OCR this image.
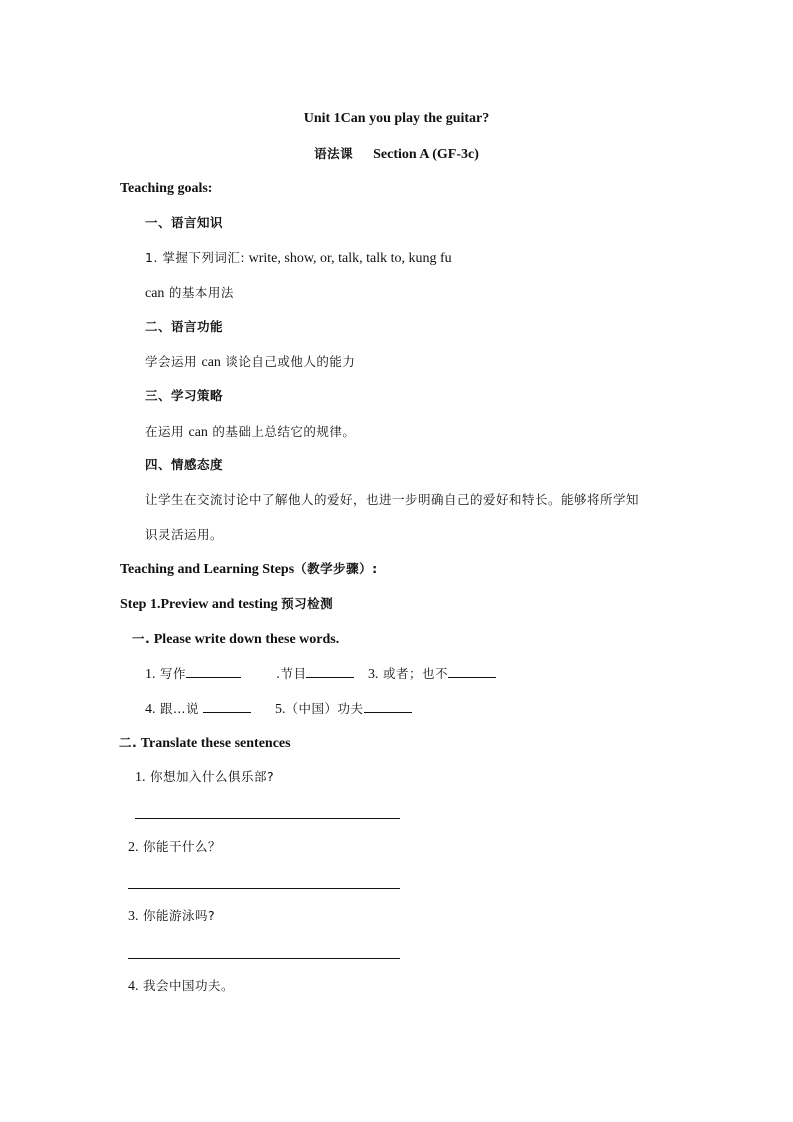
Unit 1Can you play the guitar?
语法课 Section A (GF-3c)
Teaching goals:
一、语言知识
1. 掌握下列词汇: write, show, or, talk, talk to, kung fu
can 的基本用法
二、语言功能
学会运用 can 谈论自己或他人的能力
三、学习策略
在运用 can 的基础上总结它的规律。
四、情感态度
让学生在交流讨论中了解他人的爱好，也进一步明确自己的爱好和特长。能够将所学知
识灵活运用。
Teaching and Learning Steps（教学步骤）:
Step 1.Preview and testing 预习检测
一. Please write down these words.
1. 写作	.节目	3. 或者；也不
4. 跟…说	5.（中国）功夫
二. Translate these sentences
1. 你想加入什么俱乐部?
2. 你能干什么？
3. 你能游泳吗?
4. 我会中国功夫。
